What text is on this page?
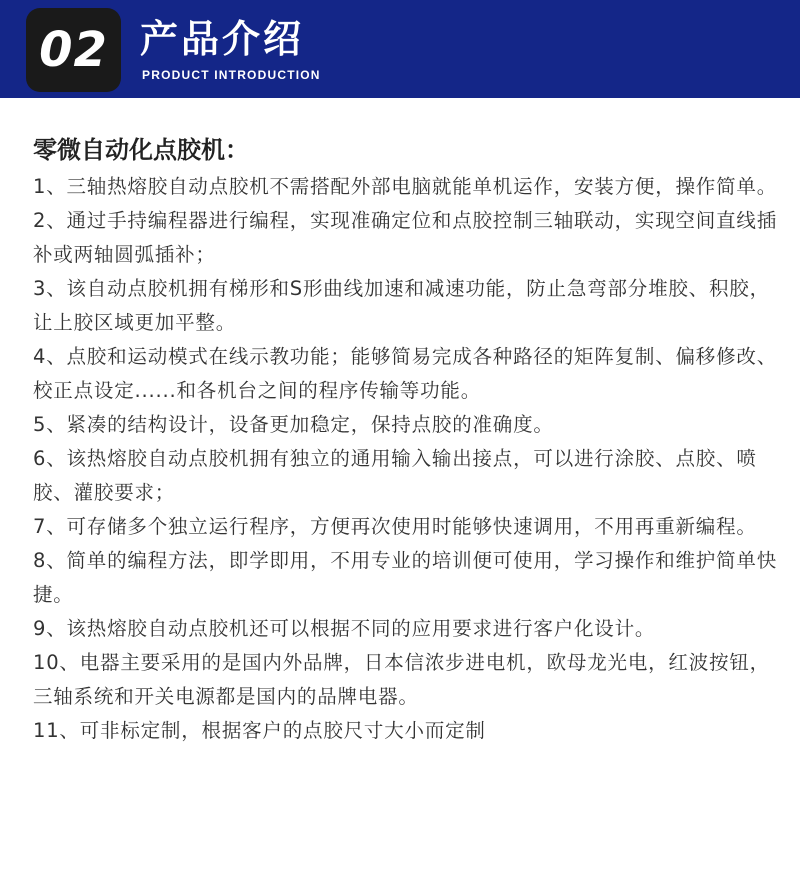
02 产品介绍
PRODUCT INTRODUCTION
零微自动化点胶机：
1、三轴热熔胶自动点胶机不需搭配外部电脑就能单机运作，安装方便，操作简单。
2、通过手持编程器进行编程，实现准确定位和点胶控制三轴联动，实现空间直线插补或两轴圆弧插补；
3、该自动点胶机拥有梯形和S形曲线加速和减速功能，防止急弯部分堆胶、积胶，让上胶区域更加平整。
4、点胶和运动模式在线示教功能；能够简易完成各种路径的矩阵复制、偏移修改、校正点设定......和各机台之间的程序传输等功能。
5、紧凑的结构设计，设备更加稳定，保持点胶的准确度。
6、该热熔胶自动点胶机拥有独立的通用输入输出接点，可以进行涂胶、点胶、喷胶、灌胶要求；
7、可存储多个独立运行程序，方便再次使用时能够快速调用，不用再重新编程。
8、简单的编程方法，即学即用，不用专业的培训便可使用，学习操作和维护简单快捷。
9、该热熔胶自动点胶机还可以根据不同的应用要求进行客户化设计。
10、电器主要采用的是国内外品牌，日本信浓步进电机，欧母龙光电，红波按钮，三轴系统和开关电源都是国内的品牌电器。
11、可非标定制，根据客户的点胶尺寸大小而定制
